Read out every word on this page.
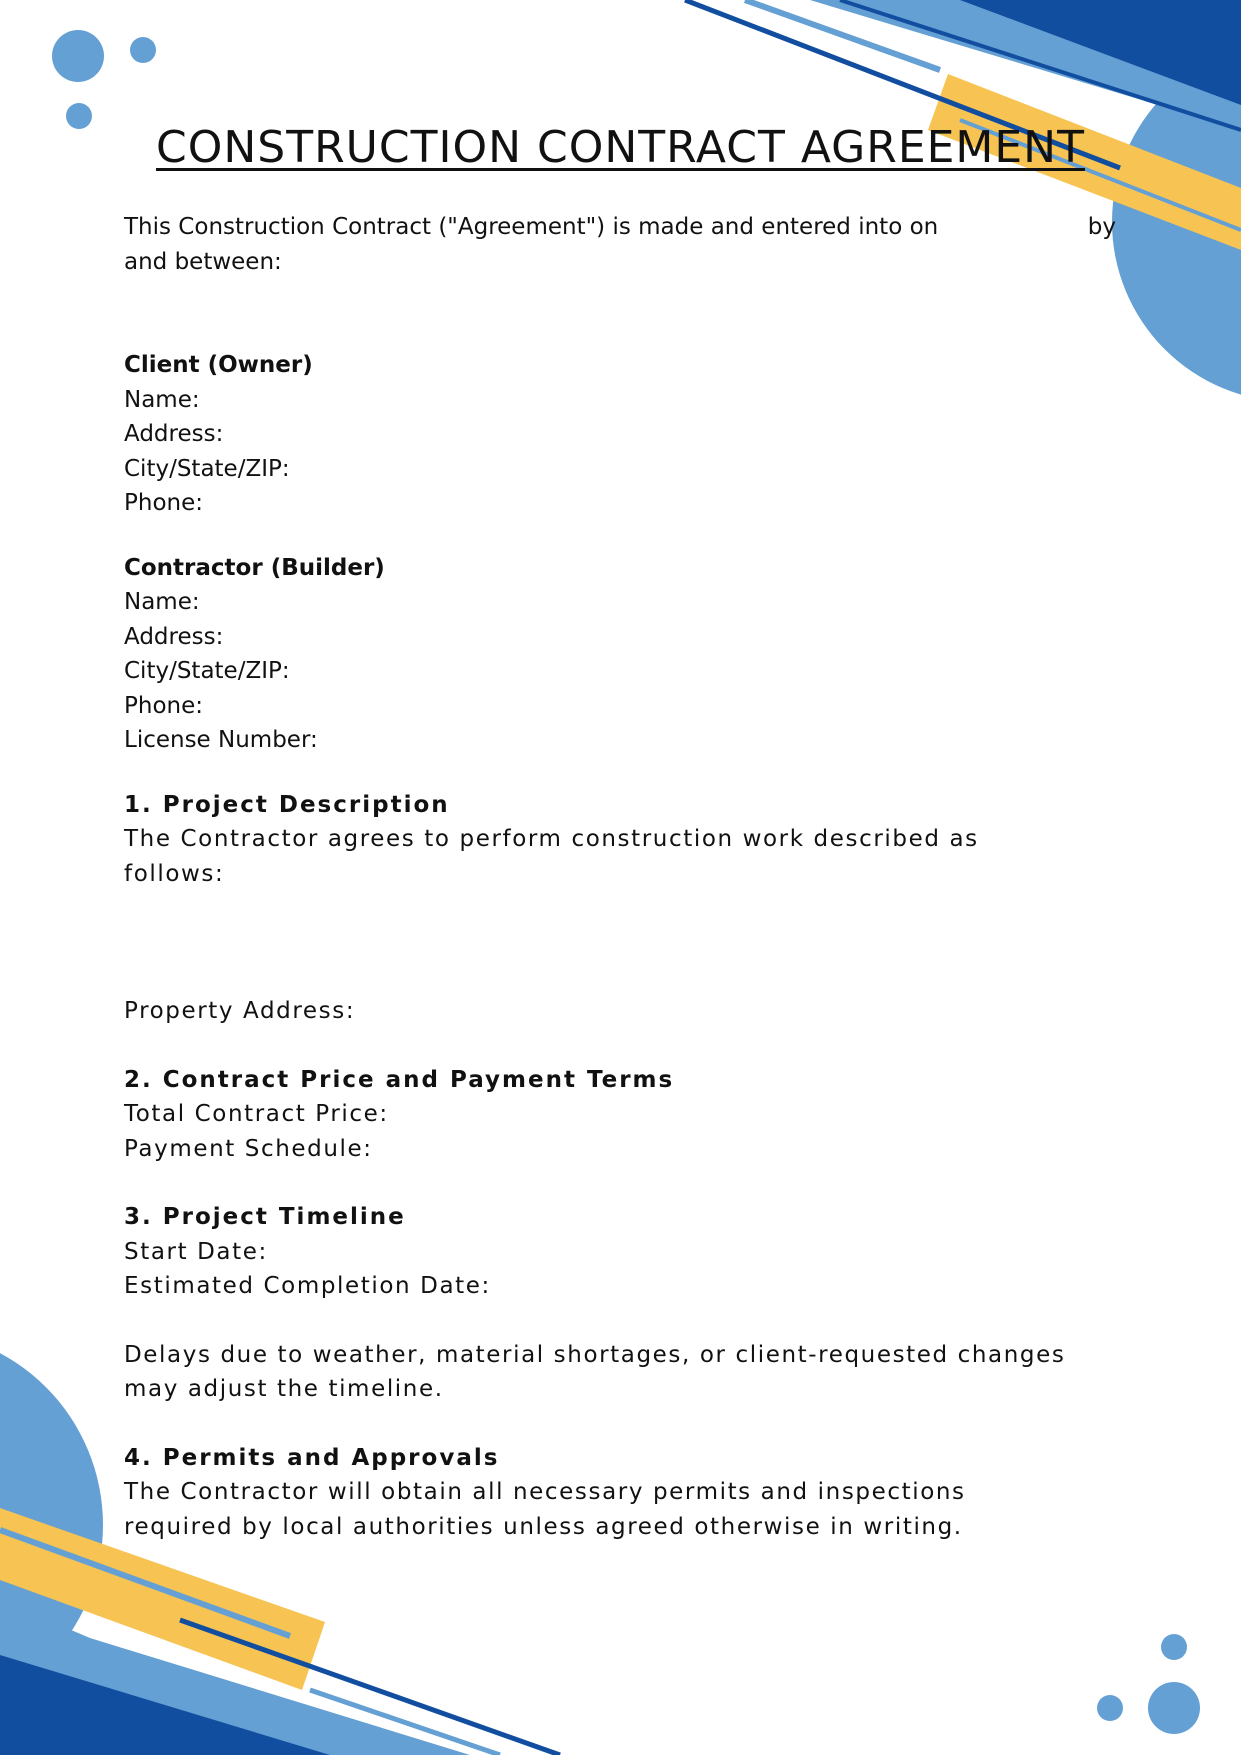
CONSTRUCTION CONTRACT AGREEMENT

This Construction Contract ("Agreement") is made and entered into on	by

and between:

Client (Owner)

Name:

Address:

City/State/ZIP:

Phone:

Contractor (Builder)

Name:

Address:

City/State/ZIP:

Phone:

License Number:

1. Project Description

The Contractor agrees to perform construction work described as

follows:

Property Address:

2. Contract Price and Payment Terms

Total Contract Price:

Payment Schedule:

3. Project Timeline

Start Date:

Estimated Completion Date:

Delays due to weather, material shortages, or client-requested changes

may adjust the timeline.

4. Permits and Approvals

The Contractor will obtain all necessary permits and inspections

required by local authorities unless agreed otherwise in writing.
